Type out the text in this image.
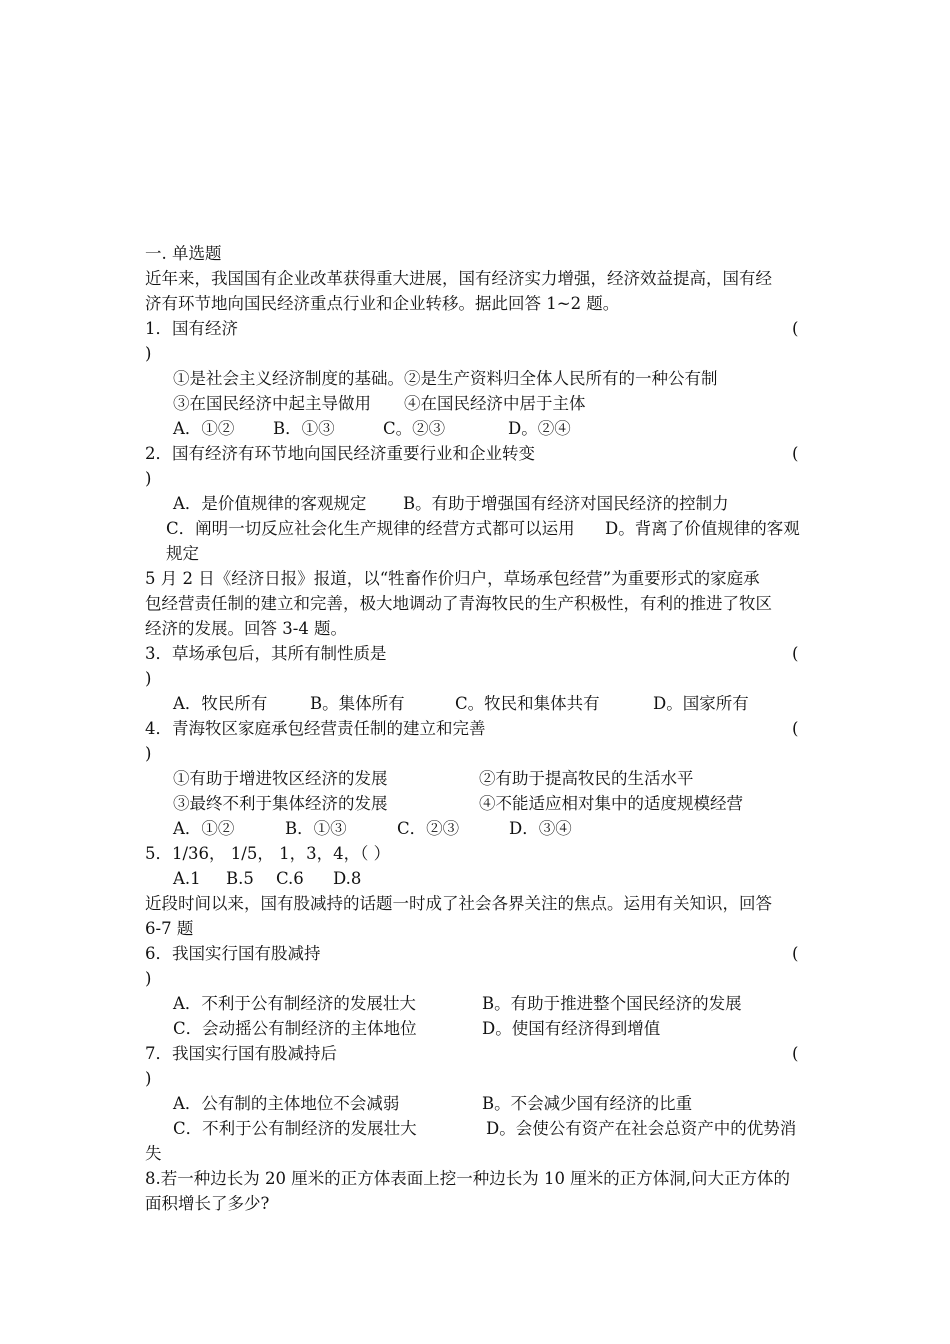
一. 单选题
近年来，我国国有企业改革获得重大进展，国有经济实力增强，经济效益提高，国有经
济有环节地向国民经济重点行业和企业转移。据此回答 1~2 题。
1．国有经济	(
)
①是社会主义经济制度的基础。②是生产资料归全体人民所有的一种公有制
③在国民经济中起主导做用　　④在国民经济中居于主体
A．①② B．①③	C。②③	D。②④
2．国有经济有环节地向国民经济重要行业和企业转变	(
)
A．是价值规律的客观规定 B。有助于增强国有经济对国民经济的控制力
C．阐明一切反应社会化生产规律的经营方式都可以运用 D。背离了价值规律的客观
规定
5 月 2 日《经济日报》报道，以“牲畜作价归户，草场承包经营”为重要形式的家庭承
包经营责任制的建立和完善，极大地调动了青海牧民的生产积极性，有利的推进了牧区
经济的发展。回答 3-4 题。
3．草场承包后，其所有制性质是	(
)
A．牧民所有	B。集体所有	C。牧民和集体共有	D。国家所有
4．青海牧区家庭承包经营责任制的建立和完善	(
)
①有助于增进牧区经济的发展	②有助于提高牧民的生活水平
③最终不利于集体经济的发展	④不能适应相对集中的适度规模经营
A．①②	B．①③	C．②③	D．③④
5．1/36， 1/5， 1，3，4，（ ）
A.1 B.5 C.6 D.8
近段时间以来，国有股减持的话题一时成了社会各界关注的焦点。运用有关知识，回答
6-7 题
6．我国实行国有股减持	(
)
A．不利于公有制经济的发展壮大	B。有助于推进整个国民经济的发展
C．会动摇公有制经济的主体地位	D。使国有经济得到增值
7．我国实行国有股减持后	(
)
A．公有制的主体地位不会减弱	B。不会减少国有经济的比重
C．不利于公有制经济的发展壮大	D。会使公有资产在社会总资产中的优势消
失
8.若一种边长为 20 厘米的正方体表面上挖一种边长为 10 厘米的正方体洞,问大正方体的
面积增长了多少?
